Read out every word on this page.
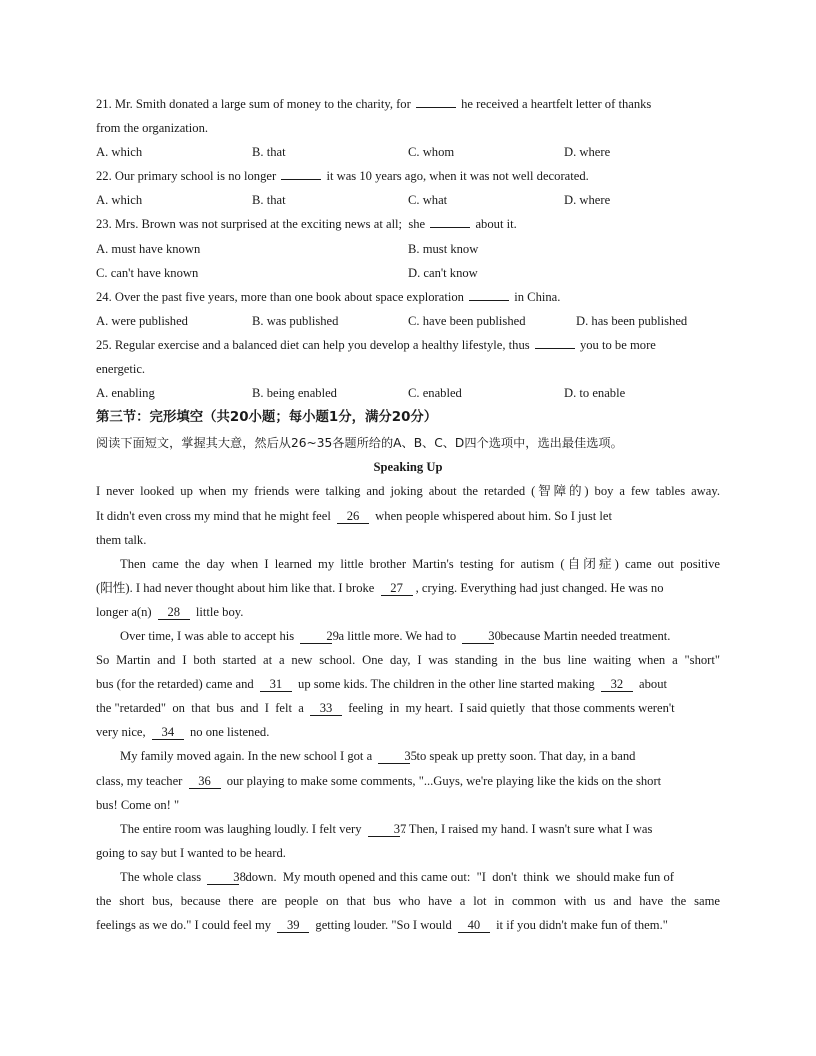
21. Mr. Smith donated a large sum of money to the charity, for	he received a heartfelt letter of thanks
from the organization.
A. which	B. that	C. whom	D. where
22. Our primary school is no longer	it was 10 years ago, when it was not well decorated.
A. which	B. that	C. what	D. where
23. Mrs. Brown was not surprised at the exciting news at all;  she	about it.
A. must have known	B. must know
C. can't have known	D. can't know
24. Over the past five years, more than one book about space exploration	in China.
A. were published	B. was published	C. have been published	D. has been published
25. Regular exercise and a balanced diet can help you develop a healthy lifestyle, thus	you to be more
energetic.
A. enabling	B. being enabled	C. enabled	D. to enable
第三节：完形填空（共20小题；每小题1分，满分20分）
阅读下面短文，掌握其大意，然后从26~35各题所给的A、B、C、D四个选项中，选出最佳选项。
Speaking Up
I never looked up when my friends were talking and joking about the retarded (智障的) boy a few tables away.
It didn't even cross my mind that he might feel 26 when people whispered about him. So I just let
them talk.
Then came the day when I learned my little brother Martin's testing for autism (自闭症) came out positive
(阳性). I had never thought about him like that. I broke 27 , crying. Everything had just changed. He was no
longer a(n) 28 little boy.
Over time, I was able to accept his	29 a little more. We had to	30 because Martin needed treatment.
So Martin and I both started at a new school. One day, I was standing in the bus line waiting when a "short"
bus (for the retarded) came and 31 up some kids. The children in the other line started making 32 about
the "retarded"  on  that  bus  and  I  felt  a 33 feeling  in  my heart.  I said quietly  that those comments weren't
very nice, 34 no one listened.
My family moved again. In the new school I got a	35 to speak up pretty soon. That day, in a band
class, my teacher 36 our playing to make some comments, "...Guys, we're playing like the kids on the short
bus! Come on! "
The entire room was laughing loudly. I felt very	37. Then, I raised my hand. I wasn't sure what I was
going to say but I wanted to be heard.
The whole class	38 down.  My mouth opened and this came out:  "I  don't  think  we  should make fun of
the short bus, because there are people on that bus who have a lot in common with us and have the same
feelings as we do." I could feel my 39 getting louder. "So I would 40 it if you didn't make fun of them."
